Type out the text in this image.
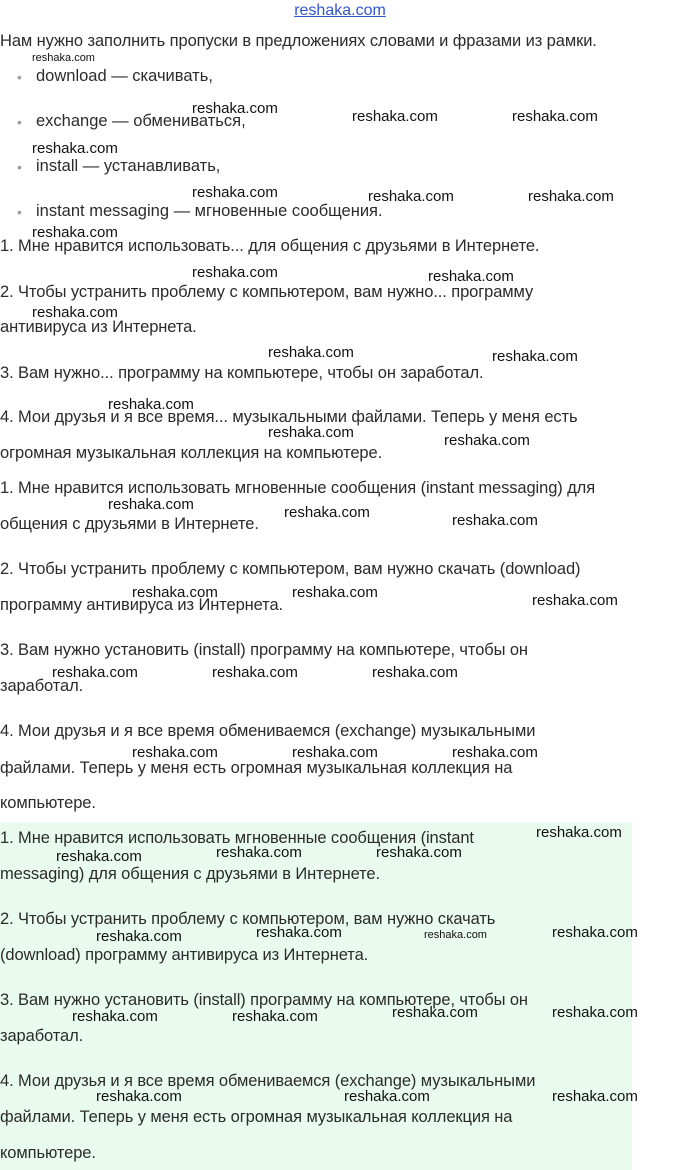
reshaka.com
Нам нужно заполнить пропуски в предложениях словами и фразами из рамки.
• download — скачивать,
• exchange — обмениваться,
• install — устанавливать,
• instant messaging — мгновенные сообщения.
1. Мне нравится использовать... для общения с друзьями в Интернете.
2. Чтобы устранить проблему с компьютером, вам нужно... программу
антивируса из Интернета.
3. Вам нужно... программу на компьютере, чтобы он заработал.
4. Мои друзья и я все время... музыкальными файлами. Теперь у меня есть
огромная музыкальная коллекция на компьютере.
1. Мне нравится использовать мгновенные сообщения (instant messaging) для
общения с друзьями в Интернете.
2. Чтобы устранить проблему с компьютером, вам нужно скачать (download)
программу антивируса из Интернета.
3. Вам нужно установить (install) программу на компьютере, чтобы он
заработал.
4. Мои друзья и я все время обмениваемся (exchange) музыкальными
файлами. Теперь у меня есть огромная музыкальная коллекция на
компьютере.
1. Мне нравится использовать мгновенные сообщения (instant
messaging) для общения с друзьями в Интернете.
2. Чтобы устранить проблему с компьютером, вам нужно скачать
(download) программу антивируса из Интернета.
3. Вам нужно установить (install) программу на компьютере, чтобы он
заработал.
4. Мои друзья и я все время обмениваемся (exchange) музыкальными
файлами. Теперь у меня есть огромная музыкальная коллекция на
компьютере.
reshaka.com
reshaka.com	reshaka.com	reshaka.com
reshaka.com
reshaka.com	reshaka.com	reshaka.com
reshaka.com
reshaka.com	reshaka.com
reshaka.com
reshaka.com	reshaka.com
reshaka.com
reshaka.com	reshaka.com
reshaka.com	reshaka.com	reshaka.com
reshaka.com	reshaka.com	reshaka.com
reshaka.com	reshaka.com	reshaka.com
reshaka.com	reshaka.com	reshaka.com
reshaka.com
reshaka.com	reshaka.com	reshaka.com
reshaka.com	reshaka.com	reshaka.com	reshaka.com
reshaka.com	reshaka.com	reshaka.com	reshaka.com
reshaka.com	reshaka.com	reshaka.com
